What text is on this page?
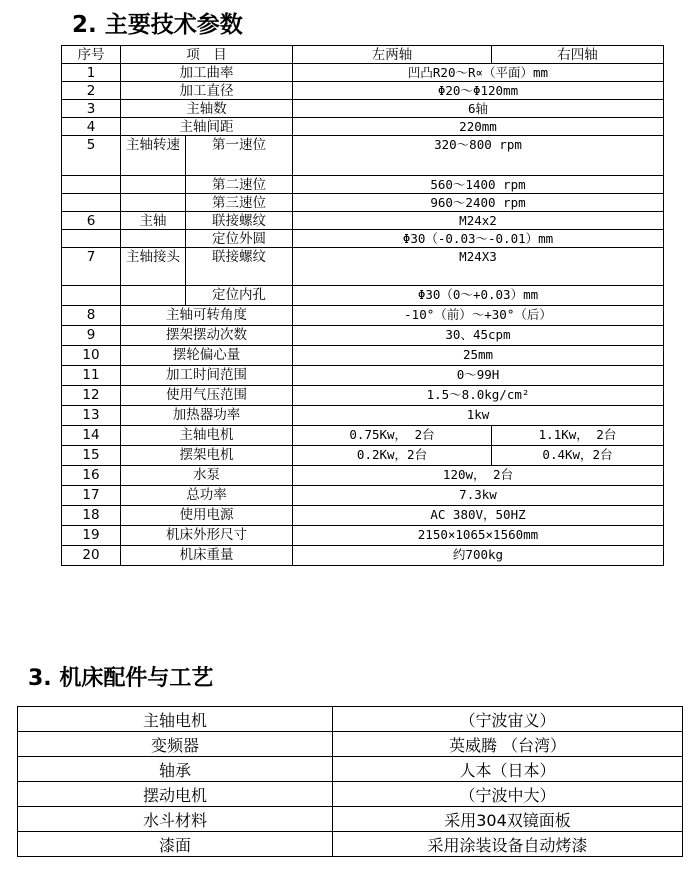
2. 主要技术参数
序号	项　目		左两轴	右四轴
1	加工曲率		凹凸R20～R∝（平面）mm	
2	加工直径		Φ20～Φ120mm	
3	主轴数		6轴	
4	主轴间距		220mm	
5	主轴转速	第一速位	320～800 rpm	
		第二速位	560～1400 rpm	
		第三速位	960～2400 rpm	
6	主轴	联接螺纹	M24x2	
		定位外圆	Φ30（-0.03～-0.01）mm	
7	主轴接头	联接螺纹	M24X3	
		定位内孔	Φ30（0～+0.03）mm	
8	主轴可转角度		-10°（前）～+30°（后）	
9	摆架摆动次数		30、45cpm	
10	摆轮偏心量		25mm	
11	加工时间范围		0～99H	
12	使用气压范围		1.5～8.0kg/cm²	
13	加热器功率		1kw	
14	主轴电机		0.75Kw， 2台	1.1Kw， 2台
15	摆架电机		0.2Kw，2台	0.4Kw，2台
16	水泵		120w， 2台	
17	总功率		7.3kw	
18	使用电源		AC 380V，50HZ	
19	机床外形尺寸		2150×1065×1560mm	
20	机床重量		约700kg	
3. 机床配件与工艺
主轴电机	（宁波宙义）
变频器	英威腾 （台湾）
轴承	人本（日本）
摆动电机	（宁波中大）
水斗材料	采用304双镜面板
漆面	采用涂装设备自动烤漆
